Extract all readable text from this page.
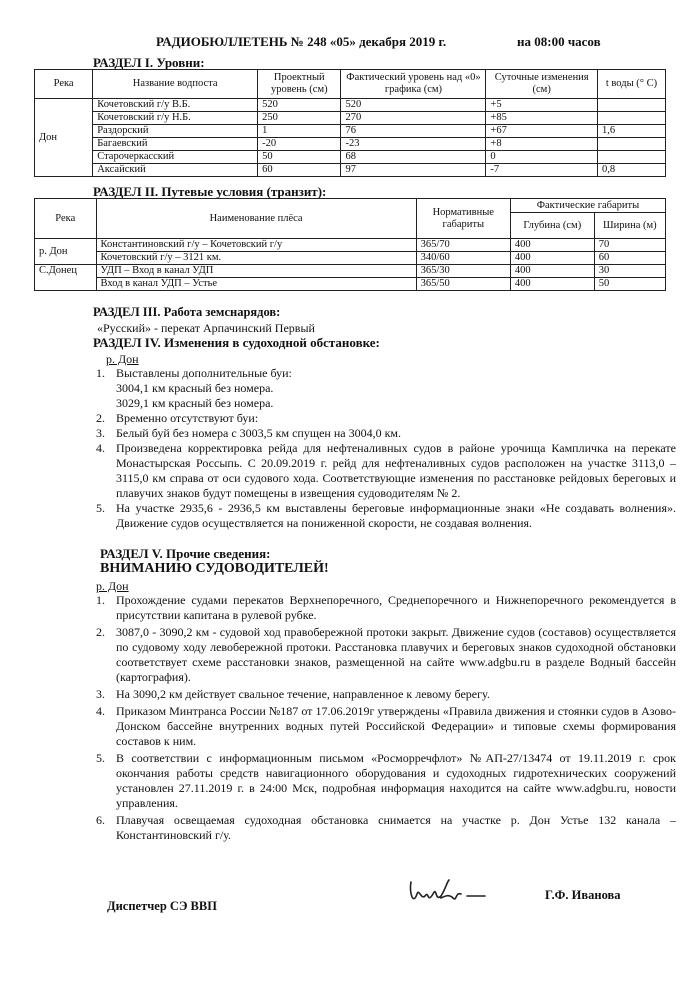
РАДИОБЮЛЛЕТЕНЬ № 248 «05» декабря 2019 г.	на 08:00 часов
РАЗДЕЛ I. Уровни:
Река	Название водпоста	Проектный уровень (см)	Фактический уровень над «0» графика (см)	Суточные изменения (см)	t воды (° C)
Дон	Кочетовский г/у В.Б.	520	520	+5	
	Кочетовский г/у Н.Б.	250	270	+85	
	Раздорский	1	76	+67	1,6
	Багаевский	-20	-23	+8	
	Старочеркасский	50	68	0	
	Аксайский	60	97	-7	0,8
РАЗДЕЛ II. Путевые условия (транзит):
Река	Наименование плёса	Нормативные габариты	Фактические габариты	
			Глубина (см)	Ширина (м)
р. Дон	Константиновский г/у – Кочетовский г/у	365/70	400	70
	Кочетовский г/у – 3121 км.	340/60	400	60
С.Донец	УДП – Вход в канал УДП	365/30	400	30
	Вход в канал УДП – Устье	365/50	400	50
РАЗДЕЛ III. Работа земснарядов:
«Русский» - перекат Арпачинский Первый
РАЗДЕЛ IV. Изменения в судоходной обстановке:
р. Дон
1. Выставлены дополнительные буи:
3004,1 км красный без номера.
3029,1 км красный без номера.
2. Временно отсутствуют буи:
3. Белый буй без номера с 3003,5 км спущен на 3004,0 км.
4. Произведена корректировка рейда для нефтеналивных судов в районе урочища Кампличка на перекате Монастырская Россыпь. С 20.09.2019 г. рейд для нефтеналивных судов расположен на участке 3113,0 – 3115,0 км справа от оси судового хода. Соответствующие изменения по расстановке рейдовых береговых и плавучих знаков будут помещены в извещения судоводителям № 2.
5. На участке 2935,6 - 2936,5 км выставлены береговые информационные знаки «Не создавать волнения». Движение судов осуществляется на пониженной скорости, не создавая волнения.
РАЗДЕЛ V. Прочие сведения:
ВНИМАНИЮ СУДОВОДИТЕЛЕЙ!
р. Дон
1. Прохождение судами перекатов Верхнепоречного, Среднепоречного и Нижнепоречного рекомендуется в присутствии капитана в рулевой рубке.
2. 3087,0 - 3090,2 км - судовой ход правобережной протоки закрыт. Движение судов (составов) осуществляется по судовому ходу левобережной протоки. Расстановка плавучих и береговых знаков судоходной обстановки соответствует схеме расстановки знаков, размещенной на сайте www.adgbu.ru в разделе Водный бассейн (картография).
3. На 3090,2 км действует свальное течение, направленное к левому берегу.
4. Приказом Минтранса России №187 от 17.06.2019г утверждены «Правила движения и стоянки судов в Азово-Донском бассейне внутренних водных путей Российской Федерации» и типовые схемы формирования составов к ним.
5. В соответствии с информационным письмом «Росморречфлот» №АП-27/13474 от 19.11.2019 г. срок окончания работы средств навигационного оборудования и судоходных гидротехнических сооружений установлен 27.11.2019 г. в 24:00 Мск, подробная информация находится на сайте www.adgbu.ru, новости управления.
6. Плавучая освещаемая судоходная обстановка снимается на участке р. Дон Устье 132 канала – Константиновский г/у.
Диспетчер СЭ ВВП
Г.Ф. Иванова
